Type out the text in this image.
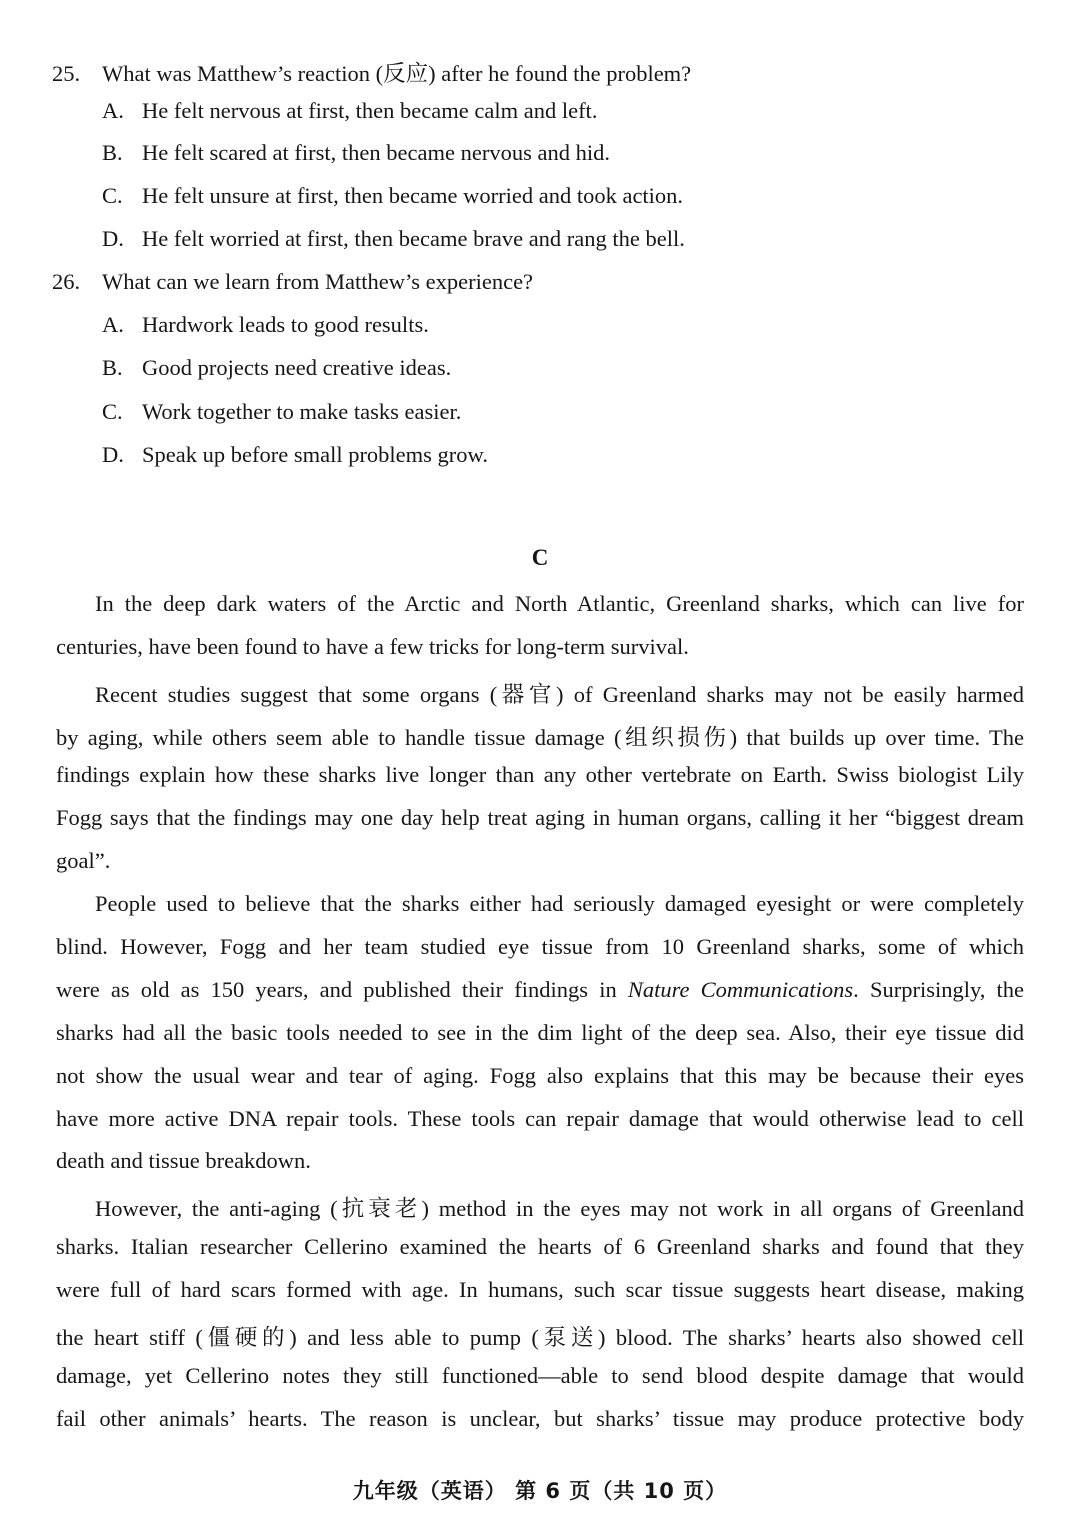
25. What was Matthew’s reaction (反应) after he found the problem?
A. He felt nervous at first, then became calm and left.
B. He felt scared at first, then became nervous and hid.
C. He felt unsure at first, then became worried and took action.
D. He felt worried at first, then became brave and rang the bell.
26. What can we learn from Matthew’s experience?
A. Hardwork leads to good results.
B. Good projects need creative ideas.
C. Work together to make tasks easier.
D. Speak up before small problems grow.
C
In the deep dark waters of the Arctic and North Atlantic, Greenland sharks, which can live for
centuries, have been found to have a few tricks for long-term survival.
Recent studies suggest that some organs (器官) of Greenland sharks may not be easily harmed
by aging, while others seem able to handle tissue damage (组织损伤) that builds up over time. The
findings explain how these sharks live longer than any other vertebrate on Earth. Swiss biologist Lily
Fogg says that the findings may one day help treat aging in human organs, calling it her “biggest dream
goal”.
People used to believe that the sharks either had seriously damaged eyesight or were completely
blind. However, Fogg and her team studied eye tissue from 10 Greenland sharks, some of which
were as old as 150 years, and published their findings in Nature Communications. Surprisingly, the
sharks had all the basic tools needed to see in the dim light of the deep sea. Also, their eye tissue did
not show the usual wear and tear of aging. Fogg also explains that this may be because their eyes
have more active DNA repair tools. These tools can repair damage that would otherwise lead to cell
death and tissue breakdown.
However, the anti-aging (抗衰老) method in the eyes may not work in all organs of Greenland
sharks. Italian researcher Cellerino examined the hearts of 6 Greenland sharks and found that they
were full of hard scars formed with age. In humans, such scar tissue suggests heart disease, making
the heart stiff (僵硬的) and less able to pump (泵送) blood. The sharks’ hearts also showed cell
damage, yet Cellerino notes they still functioned—able to send blood despite damage that would
fail other animals’ hearts. The reason is unclear, but sharks’ tissue may produce protective body
九年级（英语） 第 6 页（共 10 页）
